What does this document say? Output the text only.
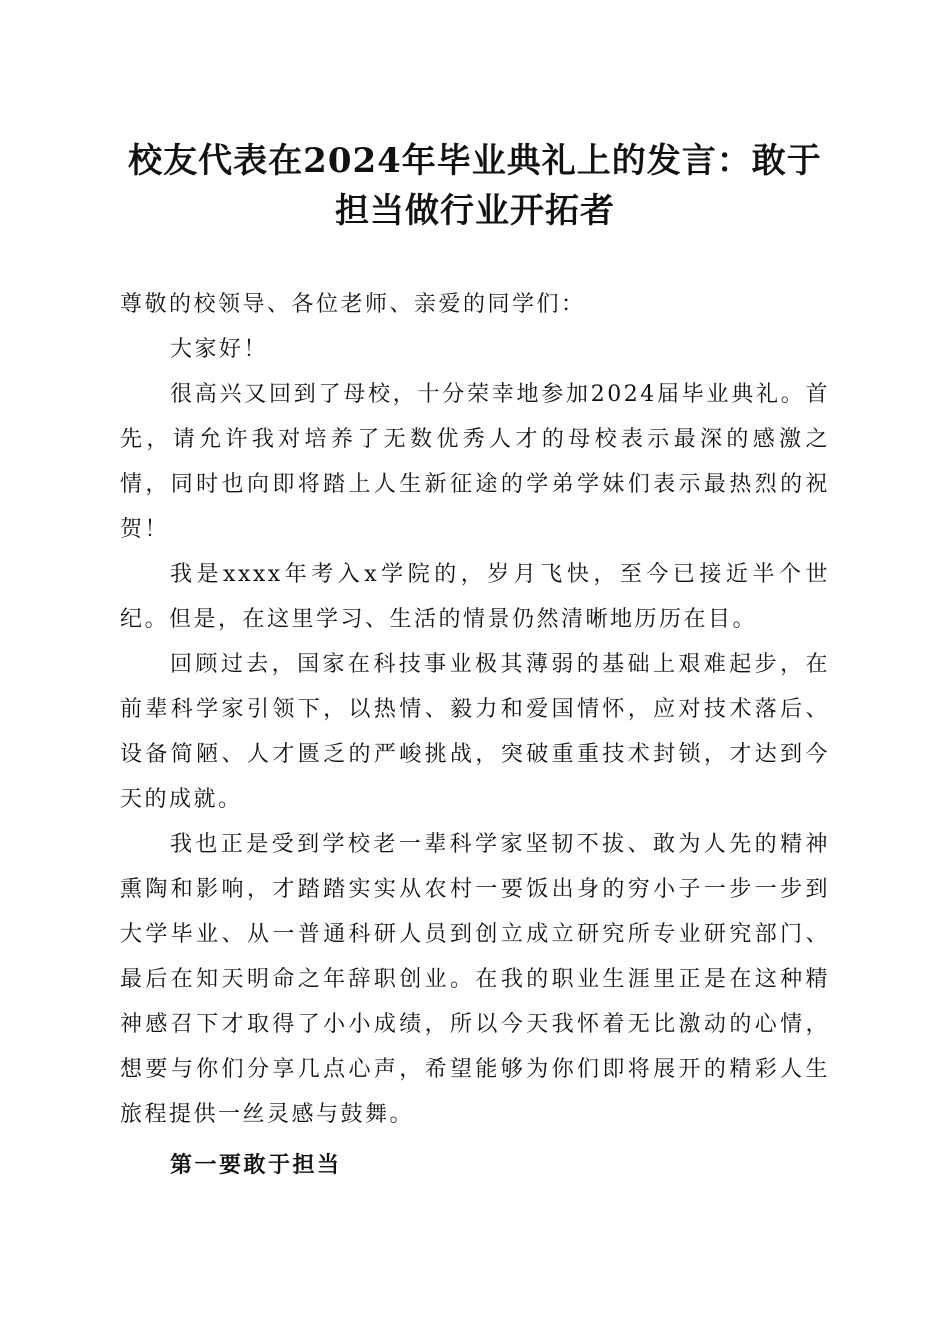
校友代表在2024年毕业典礼上的发言：敢于
担当做行业开拓者

尊敬的校领导、各位老师、亲爱的同学们：

大家好！

很高兴又回到了母校，十分荣幸地参加2024届毕业典礼。首先，请允许我对培养了无数优秀人才的母校表示最深的感激之情，同时也向即将踏上人生新征途的学弟学妹们表示最热烈的祝贺！

我是xxxx年考入x学院的，岁月飞快，至今已接近半个世纪。但是，在这里学习、生活的情景仍然清晰地历历在目。

回顾过去，国家在科技事业极其薄弱的基础上艰难起步，在前辈科学家引领下，以热情、毅力和爱国情怀，应对技术落后、设备简陋、人才匮乏的严峻挑战，突破重重技术封锁，才达到今天的成就。

我也正是受到学校老一辈科学家坚韧不拔、敢为人先的精神熏陶和影响，才踏踏实实从农村一要饭出身的穷小子一步一步到大学毕业、从一普通科研人员到创立成立研究所专业研究部门、最后在知天明命之年辞职创业。在我的职业生涯里正是在这种精神感召下才取得了小小成绩，所以今天我怀着无比激动的心情，想要与你们分享几点心声，希望能够为你们即将展开的精彩人生旅程提供一丝灵感与鼓舞。

第一要敢于担当
